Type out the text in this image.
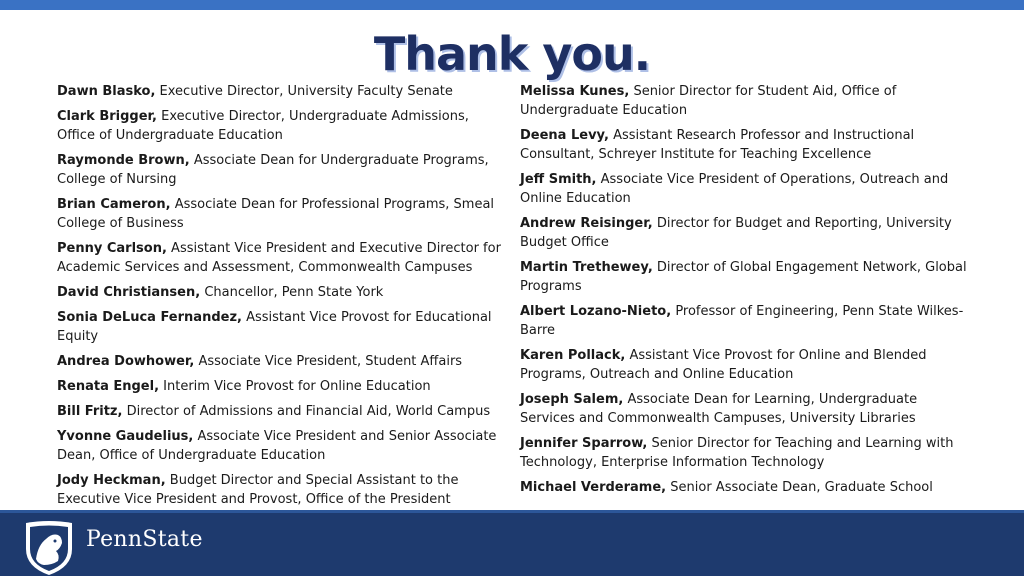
Thank you.

Dawn Blasko, Executive Director, University Faculty Senate

Clark Brigger, Executive Director, Undergraduate Admissions, Office of Undergraduate Education

Raymonde Brown, Associate Dean for Undergraduate Programs, College of Nursing

Brian Cameron, Associate Dean for Professional Programs, Smeal College of Business

Penny Carlson, Assistant Vice President and Executive Director for Academic Services and Assessment, Commonwealth Campuses

David Christiansen, Chancellor, Penn State York

Sonia DeLuca Fernandez, Assistant Vice Provost for Educational Equity

Andrea Dowhower, Associate Vice President, Student Affairs

Renata Engel, Interim Vice Provost for Online Education

Bill Fritz, Director of Admissions and Financial Aid, World Campus

Yvonne Gaudelius, Associate Vice President and Senior Associate Dean, Office of Undergraduate Education

Jody Heckman, Budget Director and Special Assistant to the Executive Vice President and Provost, Office of the President

Melissa Kunes, Senior Director for Student Aid, Office of Undergraduate Education

Deena Levy, Assistant Research Professor and Instructional Consultant, Schreyer Institute for Teaching Excellence

Jeff Smith, Associate Vice President of Operations, Outreach and Online Education

Andrew Reisinger, Director for Budget and Reporting, University Budget Office

Martin Trethewey, Director of Global Engagement Network, Global Programs

Albert Lozano-Nieto, Professor of Engineering, Penn State Wilkes-Barre

Karen Pollack, Assistant Vice Provost for Online and Blended Programs, Outreach and Online Education

Joseph Salem, Associate Dean for Learning, Undergraduate Services and Commonwealth Campuses, University Libraries

Jennifer Sparrow, Senior Director for Teaching and Learning with Technology, Enterprise Information Technology

Michael Verderame, Senior Associate Dean, Graduate School

PennState
